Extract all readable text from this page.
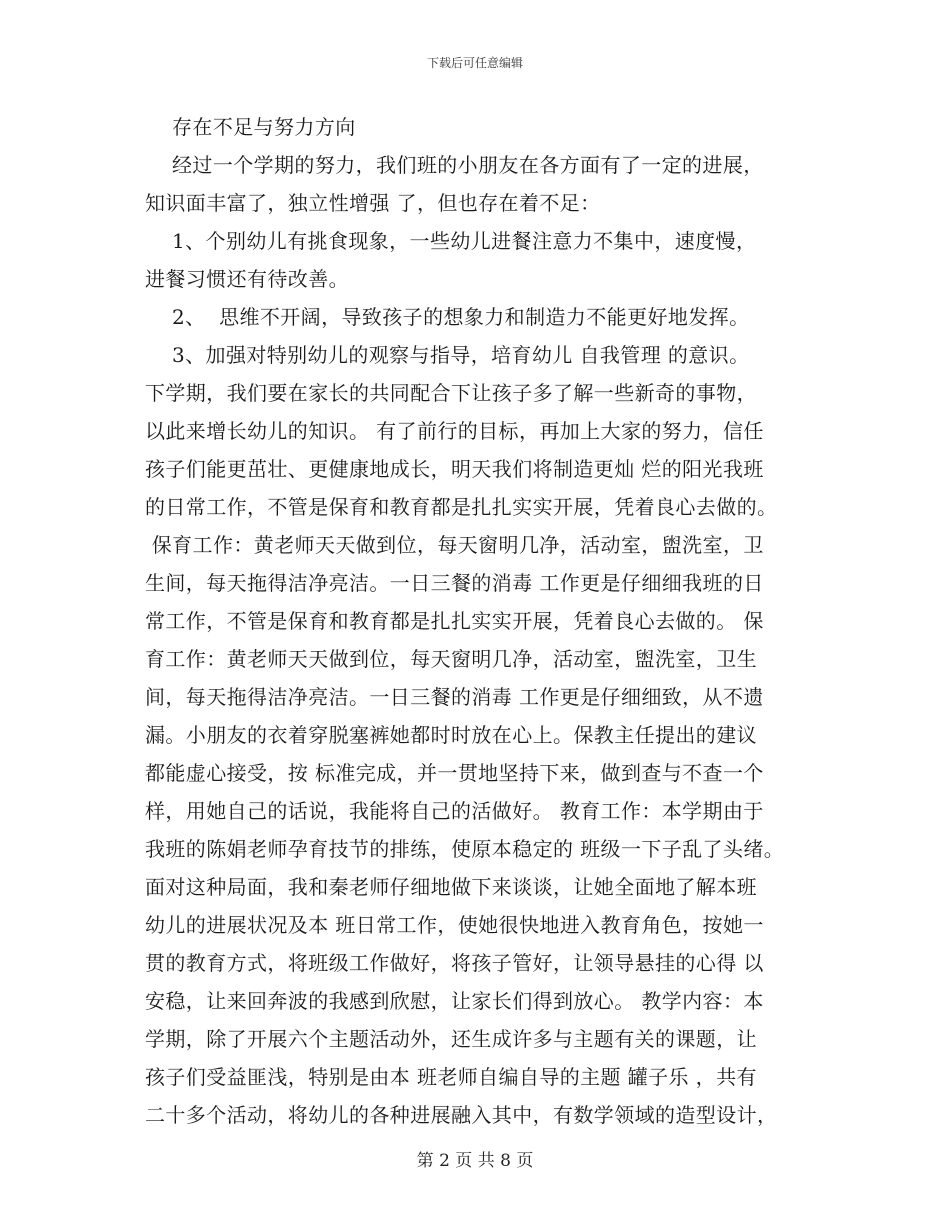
下载后可任意编辑
存在不足与努力方向
经过一个学期的努力，我们班的小朋友在各方面有了一定的进展，
知识面丰富了，独立性增强 了，但也存在着不足：
1、个别幼儿有挑食现象，一些幼儿进餐注意力不集中，速度慢，
进餐习惯还有待改善。
2、  思维不开阔，导致孩子的想象力和制造力不能更好地发挥。
3、加强对特别幼儿的观察与指导，培育幼儿 自我管理 的意识。
下学期，我们要在家长的共同配合下让孩子多了解一些新奇的事物，
以此来增长幼儿的知识。 有了前行的目标，再加上大家的努力，信任
孩子们能更茁壮、更健康地成长，明天我们将制造更灿 烂的阳光我班
的日常工作，不管是保育和教育都是扎扎实实开展，凭着良心去做的。
保育工作：黄老师天天做到位，每天窗明几净，活动室，盥洗室，卫
生间，每天拖得洁净亮洁。一日三餐的消毒 工作更是仔细细我班的日
常工作，不管是保育和教育都是扎扎实实开展，凭着良心去做的。 保
育工作：黄老师天天做到位，每天窗明几净，活动室，盥洗室，卫生
间，每天拖得洁净亮洁。一日三餐的消毒 工作更是仔细细致，从不遗
漏。小朋友的衣着穿脱塞裤她都时时放在心上。保教主任提出的建议
都能虚心接受，按 标准完成，并一贯地坚持下来，做到查与不查一个
样，用她自己的话说，我能将自己的活做好。 教育工作：本学期由于
我班的陈娟老师孕育技节的排练，使原本稳定的 班级一下子乱了头绪。
面对这种局面，我和秦老师仔细地做下来谈谈，让她全面地了解本班
幼儿的进展状况及本 班日常工作，使她很快地进入教育角色，按她一
贯的教育方式，将班级工作做好，将孩子管好，让领导悬挂的心得 以
安稳，让来回奔波的我感到欣慰，让家长们得到放心。 教学内容：本
学期，除了开展六个主题活动外，还生成许多与主题有关的课题，让
孩子们受益匪浅，特别是由本 班老师自编自导的主题 罐子乐 ，共有
二十多个活动，将幼儿的各种进展融入其中，有数学领域的造型设计，
第 2 页 共 8 页
